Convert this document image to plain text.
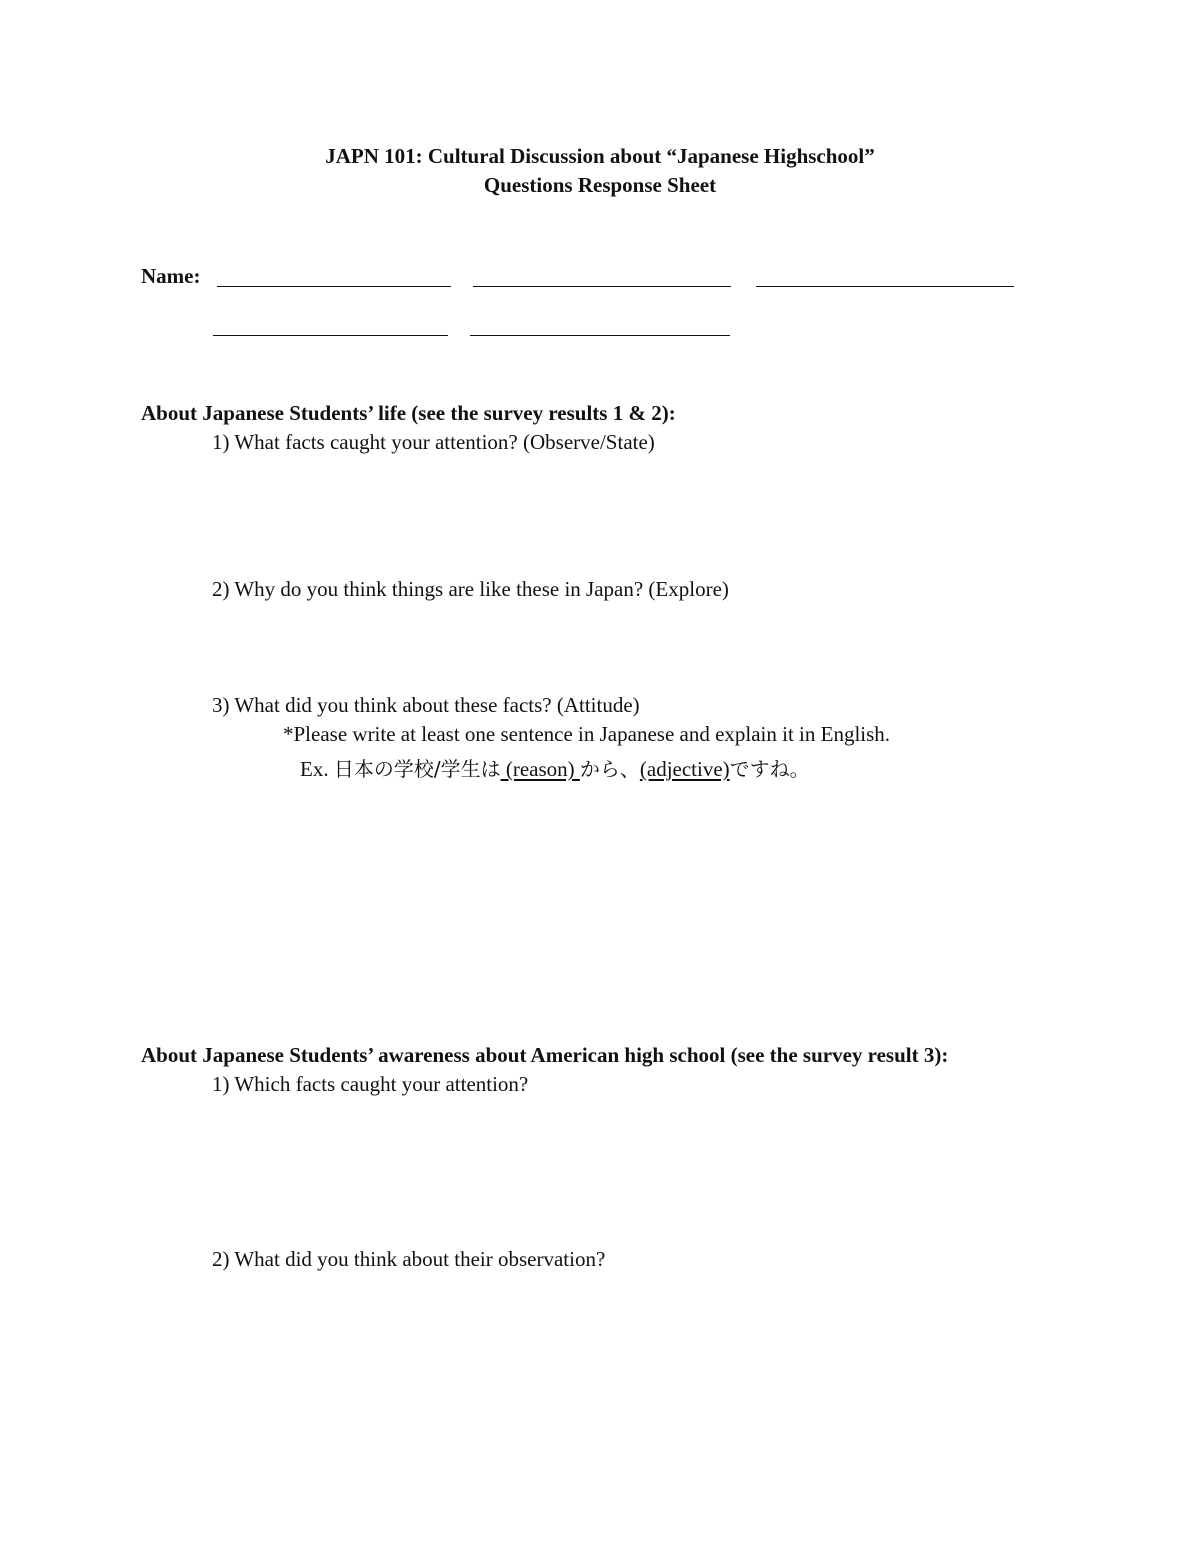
JAPN 101: Cultural Discussion about “Japanese Highschool”
Questions Response Sheet
Name:
About Japanese Students’ life (see the survey results 1 & 2):
1) What facts caught your attention? (Observe/State)
2) Why do you think things are like these in Japan? (Explore)
3) What did you think about these facts? (Attitude)
*Please write at least one sentence in Japanese and explain it in English.
Ex. 日本の学校/学生は (reason) から、(adjective)ですね。
About Japanese Students’ awareness about American high school (see the survey result 3):
1) Which facts caught your attention?
2) What did you think about their observation?
